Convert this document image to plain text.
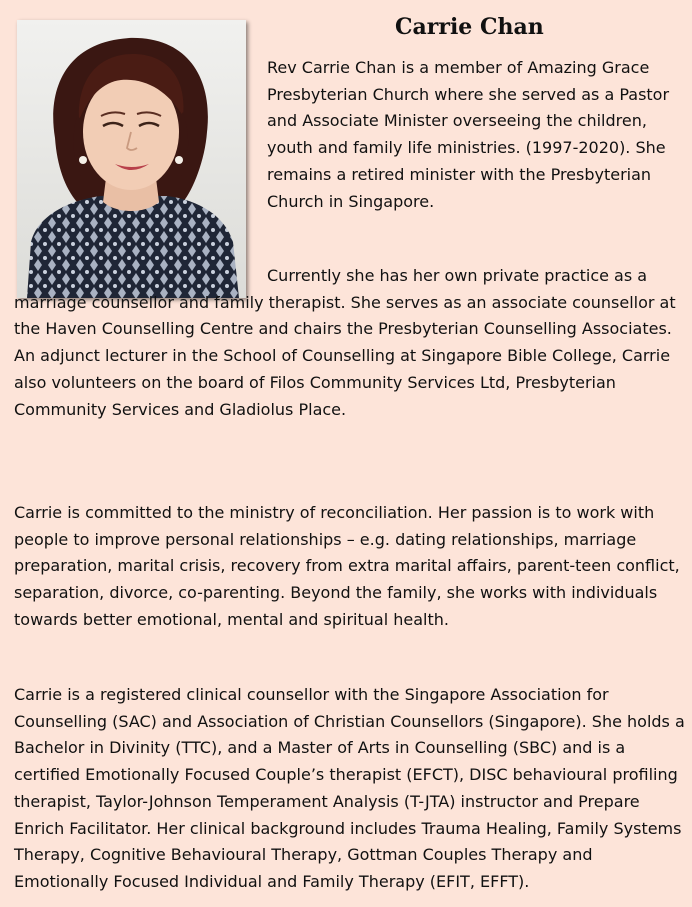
Carrie Chan

Rev Carrie Chan is a member of Amazing Grace Presbyterian Church where she served as a Pastor and Associate Minister overseeing the children, youth and family life ministries. (1997-2020). She remains a retired minister with the Presbyterian Church in Singapore.

Currently she has her own private practice as a marriage counsellor and family therapist. She serves as an associate counsellor at the Haven Counselling Centre and chairs the Presbyterian Counselling Associates. An adjunct lecturer in the School of Counselling at Singapore Bible College, Carrie also volunteers on the board of Filos Community Services Ltd, Presbyterian Community Services and Gladiolus Place.

Carrie is committed to the ministry of reconciliation. Her passion is to work with people to improve personal relationships – e.g. dating relationships, marriage preparation, marital crisis, recovery from extra marital affairs, parent-teen conflict, separation, divorce, co-parenting. Beyond the family, she works with individuals towards better emotional, mental and spiritual health.

Carrie is a registered clinical counsellor with the Singapore Association for Counselling (SAC) and Association of Christian Counsellors (Singapore). She holds a Bachelor in Divinity (TTC), and a Master of Arts in Counselling (SBC) and is a certified Emotionally Focused Couple’s therapist (EFCT), DISC behavioural profiling therapist, Taylor-Johnson Temperament Analysis (T-JTA) instructor and Prepare Enrich Facilitator. Her clinical background includes Trauma Healing, Family Systems Therapy, Cognitive Behavioural Therapy, Gottman Couples Therapy and Emotionally Focused Individual and Family Therapy (EFIT, EFFT).
